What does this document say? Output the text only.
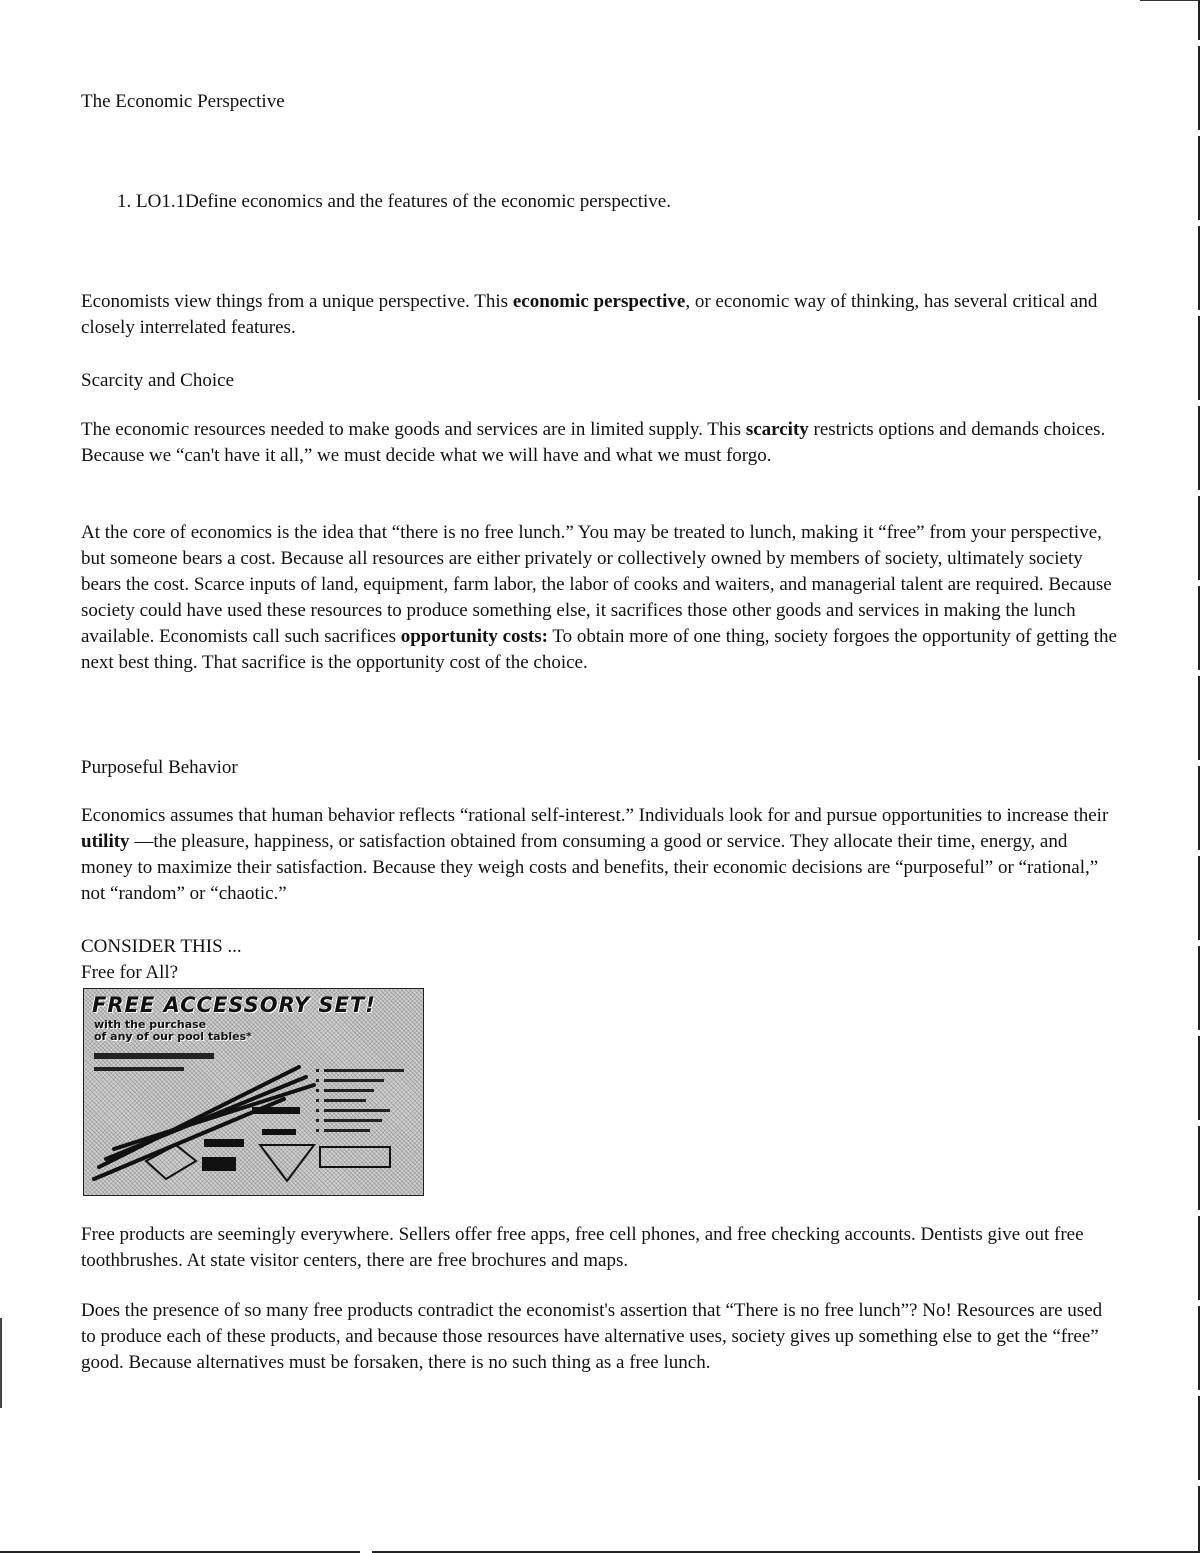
The Economic Perspective

1. LO1.1Define economics and the features of the economic perspective.

Economists view things from a unique perspective. This economic perspective, or economic way of thinking, has several critical and closely interrelated features.

Scarcity and Choice

The economic resources needed to make goods and services are in limited supply. This scarcity restricts options and demands choices. Because we “can't have it all,” we must decide what we will have and what we must forgo.

At the core of economics is the idea that “there is no free lunch.” You may be treated to lunch, making it “free” from your perspective, but someone bears a cost. Because all resources are either privately or collectively owned by members of society, ultimately society bears the cost. Scarce inputs of land, equipment, farm labor, the labor of cooks and waiters, and managerial talent are required. Because society could have used these resources to produce something else, it sacrifices those other goods and services in making the lunch available. Economists call such sacrifices opportunity costs: To obtain more of one thing, society forgoes the opportunity of getting the next best thing. That sacrifice is the opportunity cost of the choice.

Purposeful Behavior

Economics assumes that human behavior reflects “rational self-interest.” Individuals look for and pursue opportunities to increase their utility —the pleasure, happiness, or satisfaction obtained from consuming a good or service. They allocate their time, energy, and money to maximize their satisfaction. Because they weigh costs and benefits, their economic decisions are “purposeful” or “rational,” not “random” or “chaotic.”

CONSIDER THIS ...
Free for All?

FREE ACCESSORY SET!

with the purchase
of any of our pool tables*

Free products are seemingly everywhere. Sellers offer free apps, free cell phones, and free checking accounts. Dentists give out free toothbrushes. At state visitor centers, there are free brochures and maps.

Does the presence of so many free products contradict the economist's assertion that “There is no free lunch”? No! Resources are used to produce each of these products, and because those resources have alternative uses, society gives up something else to get the “free” good. Because alternatives must be forsaken, there is no such thing as a free lunch.
